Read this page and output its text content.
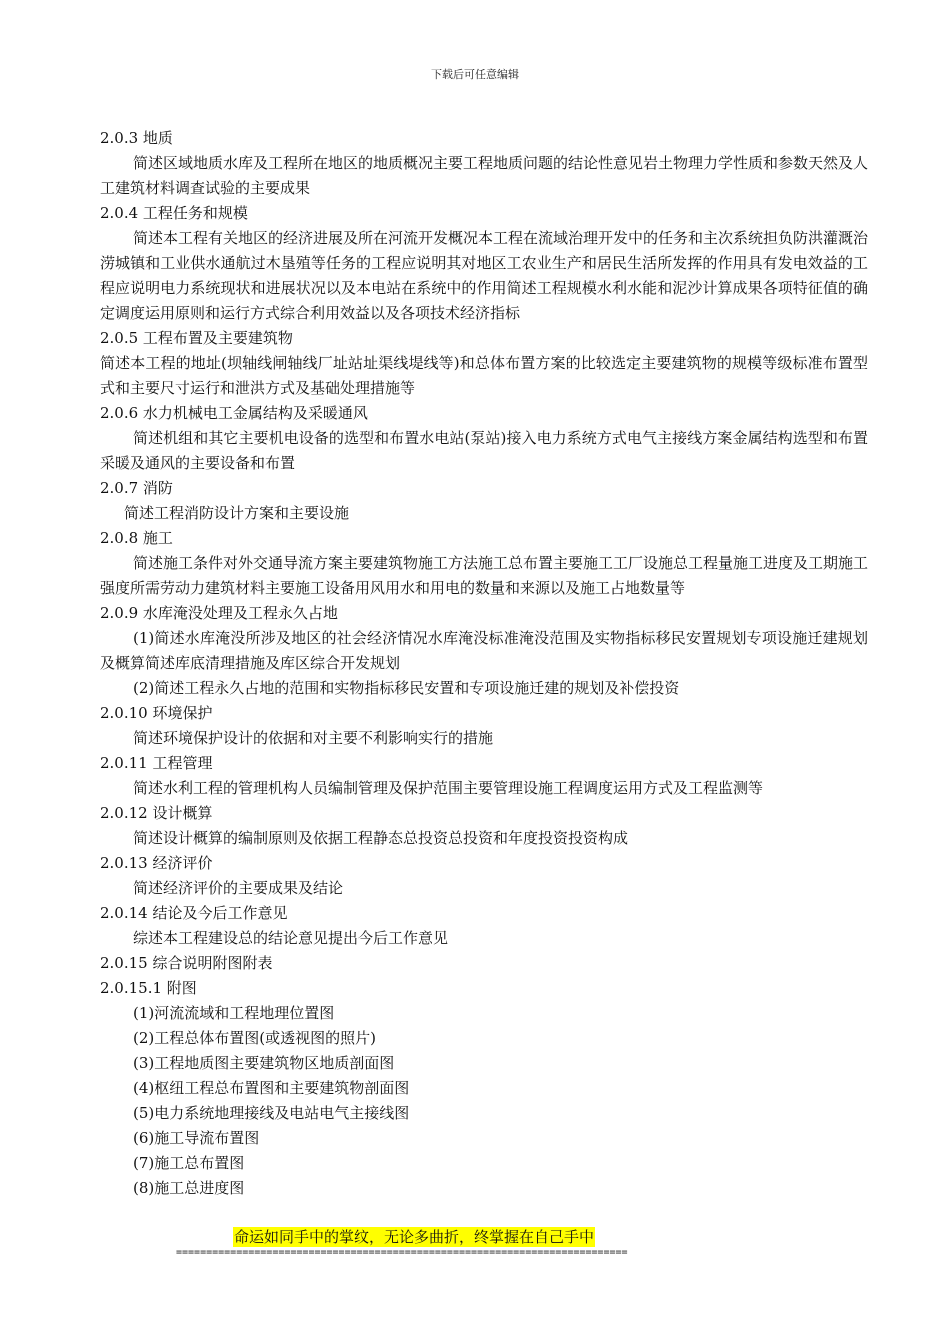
下载后可任意编辑
2.0.3 地质
简述区域地质水库及工程所在地区的地质概况主要工程地质问题的结论性意见岩土物理力学性质和参数天然及人工建筑材料调查试验的主要成果
2.0.4 工程任务和规模
简述本工程有关地区的经济进展及所在河流开发概况本工程在流域治理开发中的任务和主次系统担负防洪灌溉治涝城镇和工业供水通航过木垦殖等任务的工程应说明其对地区工农业生产和居民生活所发挥的作用具有发电效益的工程应说明电力系统现状和进展状况以及本电站在系统中的作用简述工程规模水利水能和泥沙计算成果各项特征值的确定调度运用原则和运行方式综合利用效益以及各项技术经济指标
2.0.5 工程布置及主要建筑物
简述本工程的地址(坝轴线闸轴线厂址站址渠线堤线等)和总体布置方案的比较选定主要建筑物的规模等级标准布置型式和主要尺寸运行和泄洪方式及基础处理措施等
2.0.6 水力机械电工金属结构及采暖通风
简述机组和其它主要机电设备的选型和布置水电站(泵站)接入电力系统方式电气主接线方案金属结构选型和布置采暖及通风的主要设备和布置
2.0.7 消防
简述工程消防设计方案和主要设施
2.0.8 施工
简述施工条件对外交通导流方案主要建筑物施工方法施工总布置主要施工工厂设施总工程量施工进度及工期施工强度所需劳动力建筑材料主要施工设备用风用水和用电的数量和来源以及施工占地数量等
2.0.9 水库淹没处理及工程永久占地
(1)简述水库淹没所涉及地区的社会经济情况水库淹没标准淹没范围及实物指标移民安置规划专项设施迁建规划及概算简述库底清理措施及库区综合开发规划
(2)简述工程永久占地的范围和实物指标移民安置和专项设施迁建的规划及补偿投资
2.0.10 环境保护
简述环境保护设计的依据和对主要不利影响实行的措施
2.0.11 工程管理
简述水利工程的管理机构人员编制管理及保护范围主要管理设施工程调度运用方式及工程监测等
2.0.12 设计概算
简述设计概算的编制原则及依据工程静态总投资总投资和年度投资投资构成
2.0.13 经济评价
简述经济评价的主要成果及结论
2.0.14 结论及今后工作意见
综述本工程建设总的结论意见提出今后工作意见
2.0.15 综合说明附图附表
2.0.15.1 附图
(1)河流流域和工程地理位置图
(2)工程总体布置图(或透视图的照片)
(3)工程地质图主要建筑物区地质剖面图
(4)枢纽工程总布置图和主要建筑物剖面图
(5)电力系统地理接线及电站电气主接线图
(6)施工导流布置图
(7)施工总布置图
(8)施工总进度图
命运如同手中的掌纹，无论多曲折，终掌握在自己手中
===========================================================================
